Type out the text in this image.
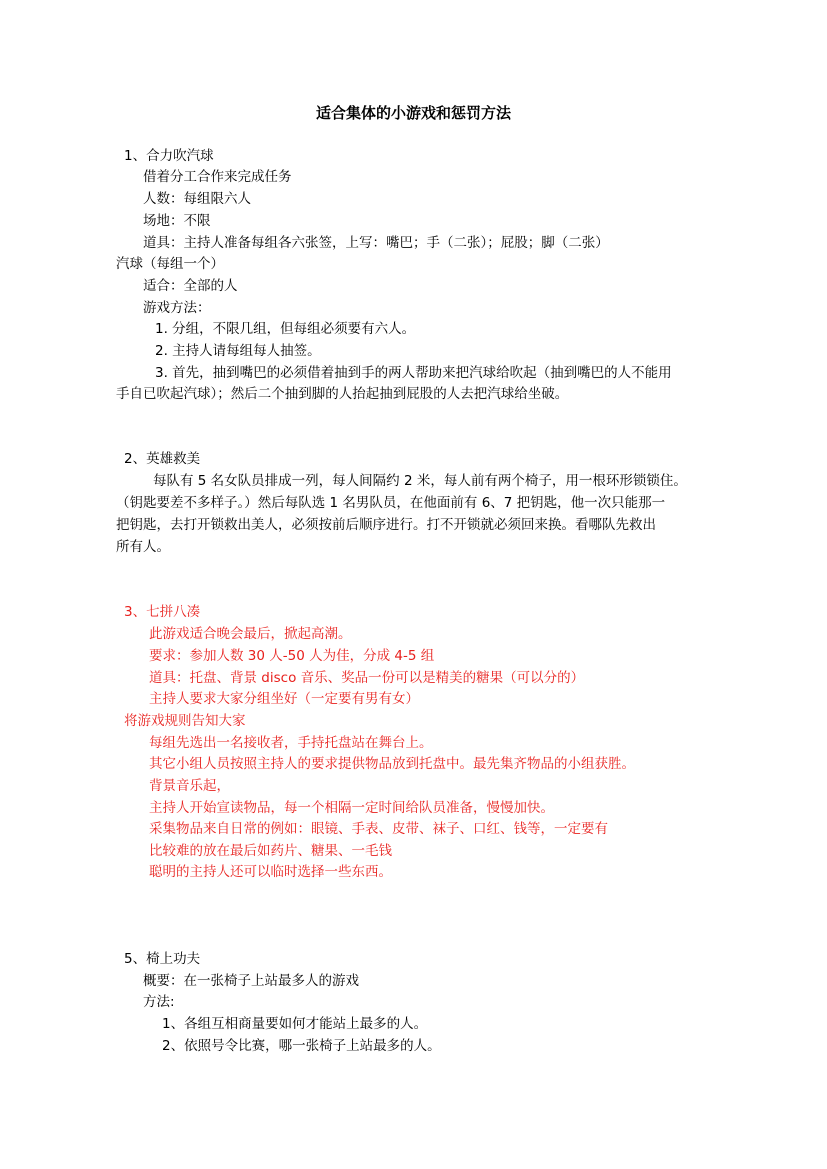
适合集体的小游戏和惩罚方法
1、合力吹汽球
借着分工合作来完成任务
人数：每组限六人
场地：不限
道具：主持人准备每组各六张签，上写：嘴巴；手（二张）；屁股；脚（二张）
汽球（每组一个）
适合：全部的人
游戏方法：
1. 分组，不限几组，但每组必须要有六人。
2. 主持人请每组每人抽签。
3. 首先，抽到嘴巴的必须借着抽到手的两人帮助来把汽球给吹起（抽到嘴巴的人不能用
手自已吹起汽球）；然后二个抽到脚的人抬起抽到屁股的人去把汽球给坐破。
2、英雄救美
每队有 5 名女队员排成一列，每人间隔约 2 米，每人前有两个椅子，用一根环形锁锁住。
（钥匙要差不多样子。）然后每队选 1 名男队员，在他面前有 6、7 把钥匙，他一次只能那一
把钥匙，去打开锁救出美人，必须按前后顺序进行。打不开锁就必须回来换。看哪队先救出
所有人。
3、七拼八凑
此游戏适合晚会最后，掀起高潮。
要求：参加人数 30 人-50 人为佳，分成 4-5 组
道具：托盘、背景 disco 音乐、奖品一份可以是精美的糖果（可以分的）
主持人要求大家分组坐好（一定要有男有女）
将游戏规则告知大家
每组先选出一名接收者，手持托盘站在舞台上。
其它小组人员按照主持人的要求提供物品放到托盘中。最先集齐物品的小组获胜。
背景音乐起，
主持人开始宣读物品，每一个相隔一定时间给队员准备，慢慢加快。
采集物品来自日常的例如：眼镜、手表、皮带、袜子、口红、钱等，一定要有
比较难的放在最后如药片、糖果、一毛钱
聪明的主持人还可以临时选择一些东西。
5、椅上功夫
概要：在一张椅子上站最多人的游戏
方法:
1、各组互相商量要如何才能站上最多的人。
2、依照号令比赛，哪一张椅子上站最多的人。
